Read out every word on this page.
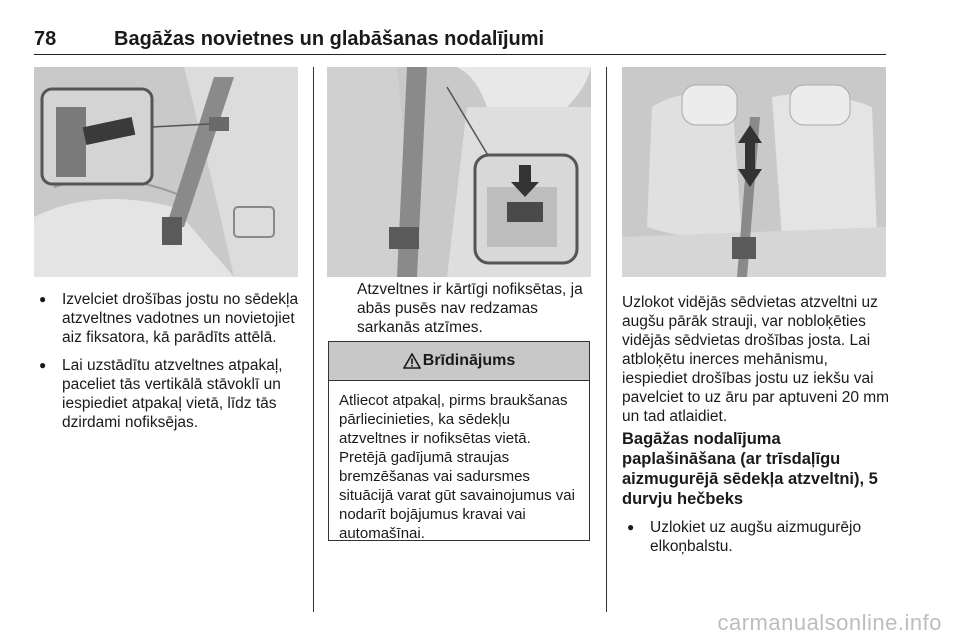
78	Bagāžas novietnes un glabāšanas nodalījumi
● Izvelciet drošības jostu no sēdekļa atzveltnes vadotnes un novietojiet aiz fiksatora, kā parādīts attēlā.
● Lai uzstādītu atzveltnes atpakaļ, paceliet tās vertikālā stāvoklī un iespiediet atpakaļ vietā, līdz tās dzirdami nofiksējas.

Atzveltnes ir kārtīgi nofiksētas, ja abās pusēs nav redzamas sarkanās atzīmes.

Brīdinājums
Atliecot atpakaļ, pirms braukšanas pārliecinieties, ka sēdekļu atzveltnes ir nofiksētas vietā. Pretējā gadījumā straujas bremzēšanas vai sadursmes situācijā varat gūt savainojumus vai nodarīt bojājumus kravai vai automašīnai.

Uzlokot vidējās sēdvietas atzveltni uz augšu pārāk strauji, var nobloķēties vidējās sēdvietas drošības josta. Lai atbloķētu inerces mehānismu, iespiediet drošības jostu uz iekšu vai pavelciet to uz āru par aptuveni 20 mm un tad atlaidiet.

Bagāžas nodalījuma paplašināšana (ar trīsdaļīgu aizmugurējā sēdekļa atzveltni), 5 durvju hečbeks
● Uzlokiet uz augšu aizmugurējo elkoņbalstu.
carmanualsonline.info
